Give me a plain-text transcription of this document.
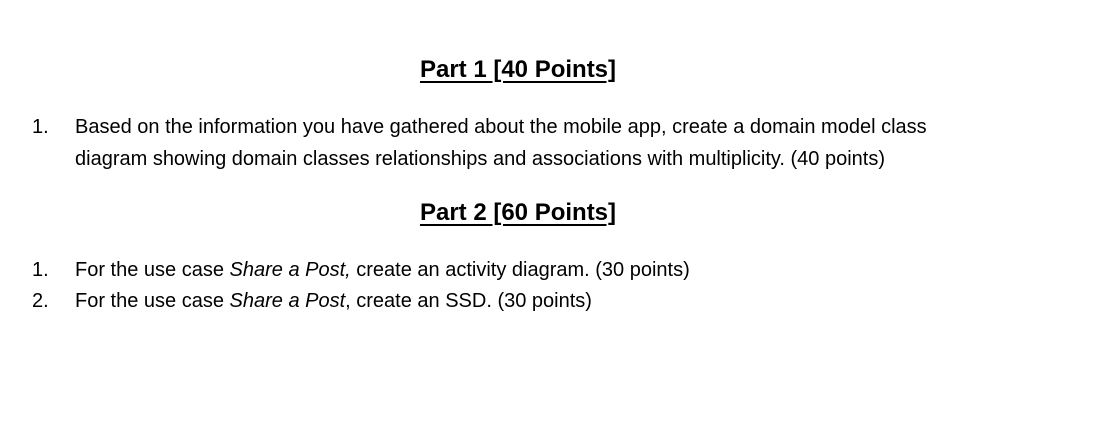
Part 1 [40 Points]
1. Based on the information you have gathered about the mobile app, create a domain model class
diagram showing domain classes relationships and associations with multiplicity. (40 points)
Part 2 [60 Points]
1. For the use case Share a Post, create an activity diagram. (30 points)
2. For the use case Share a Post, create an SSD. (30 points)
